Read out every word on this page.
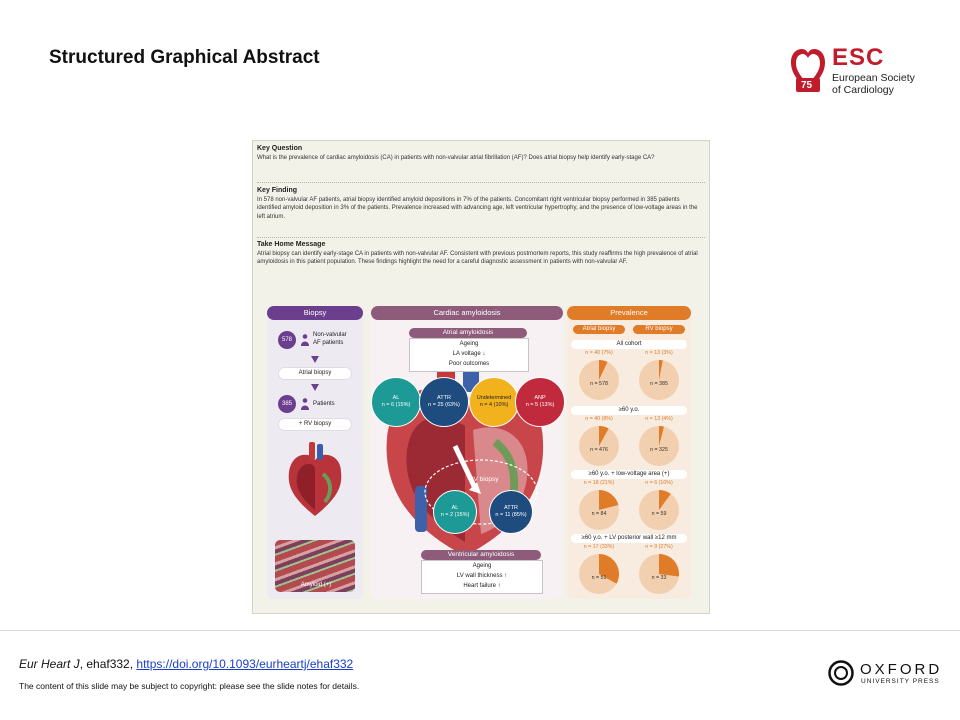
Structured Graphical Abstract
75
ESC
European Society
of Cardiology
Key Question
What is the prevalence of cardiac amyloidosis (CA) in patients with non-valvular atrial fibrillation (AF)? Does atrial biopsy help identify early-stage CA?
Key Finding
In 578 non-valvular AF patients, atrial biopsy identified amyloid depositions in 7% of the patients. Concomitant right ventricular biopsy performed in 385 patients identified amyloid deposition in 3% of the patients. Prevalence increased with advancing age, left ventricular hypertrophy, and the presence of low-voltage areas in the left atrium.
Take Home Message
Atrial biopsy can identify early-stage CA in patients with non-valvular AF. Consistent with previous postmortem reports, this study reaffirms the high prevalence of atrial amyloidosis in this patient population. These findings highlight the need for a careful diagnostic assessment in patients with non-valvular AF.
Biopsy
578
Non-valvular
AF patients
Atrial biopsy
385	Patients
+ RV biopsy
Amyloid (+)
Cardiac amyloidosis
Atrial amyloidosis
Ageing
LA voltage ↓
Poor outcomes
AL
n = 6 (15%)
ATTR
n = 25 (63%)
Undetermined
n = 4 (10%)
ANP
n = 5 (13%)
RV biopsy
AL
n = 2 (15%)
ATTR
n = 11 (85%)
Ventricular amyloidosis
Ageing
LV wall thickness ↑
Heart failure ↑
Prevalence
Atrial biopsy	RV biopsy
All cohort
n = 40 (7%)
n = 578
n = 13 (3%)
n = 385
≥60 y.o.
n = 40 (8%)
n = 476
n = 13 (4%)
n = 325
≥60 y.o. + low-voltage area (+)
n = 18 (21%)
n = 84
n = 6 (10%)
n = 59
≥60 y.o. + LV posterior wall ≥12 mm
n = 17 (33%)
n = 51
n = 9 (27%)
n = 33
Eur Heart J, ehaf332, https://doi.org/10.1093/eurheartj/ehaf332
The content of this slide may be subject to copyright: please see the slide notes for details.
OXFORD
UNIVERSITY PRESS
